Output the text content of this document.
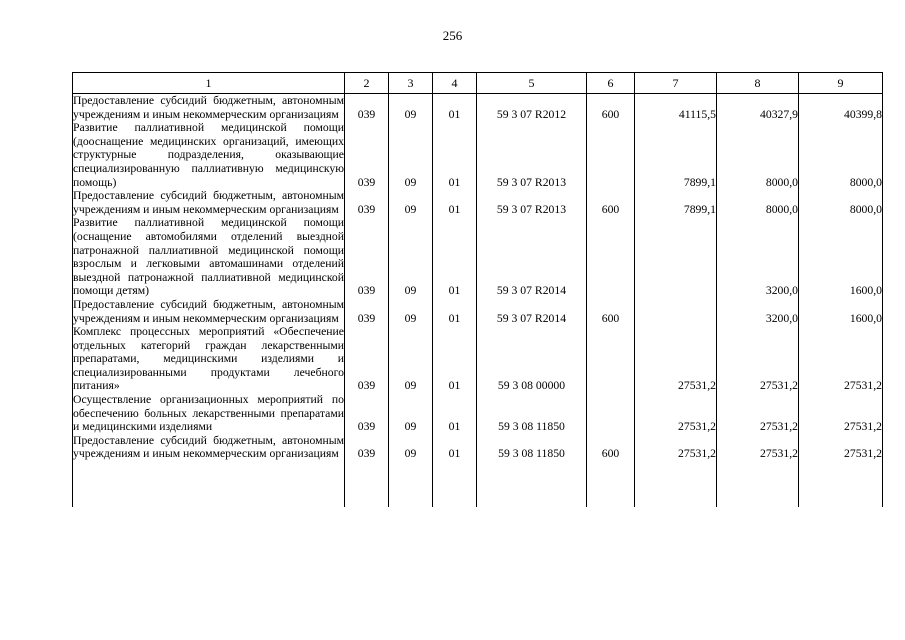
256
1	2	3	4	5	6	7	8	9
Предоставление субсидий бюджетным, автономным учреждениям и иным некоммерческим организациям	039	09	01	59 3 07 R2012	600	41115,5	40327,9	40399,8
Развитие паллиативной медицинской помощи (дооснащение медицинских организаций, имеющих структурные подразделения, оказывающие специализированную паллиативную медицинскую помощь)	039	09	01	59 3 07 R2013		7899,1	8000,0	8000,0
Предоставление субсидий бюджетным, автономным учреждениям и иным некоммерческим организациям	039	09	01	59 3 07 R2013	600	7899,1	8000,0	8000,0
Развитие паллиативной медицинской помощи (оснащение автомобилями отделений выездной патронажной паллиативной медицинской помощи взрослым и легковыми автомашинами отделений выездной патронажной паллиативной медицинской помощи детям)	039	09	01	59 3 07 R2014			3200,0	1600,0
Предоставление субсидий бюджетным, автономным учреждениям и иным некоммерческим организациям	039	09	01	59 3 07 R2014	600		3200,0	1600,0
Комплекс процессных мероприятий «Обеспечение отдельных категорий граждан лекарственными препаратами, медицинскими изделиями и специализированными продуктами лечебного питания»	039	09	01	59 3 08 00000		27531,2	27531,2	27531,2
Осуществление организационных мероприятий по обеспечению больных лекарственными препаратами и медицинскими изделиями	039	09	01	59 3 08 11850		27531,2	27531,2	27531,2
Предоставление субсидий бюджетным, автономным учреждениям и иным некоммерческим организациям	039	09	01	59 3 08 11850	600	27531,2	27531,2	27531,2
